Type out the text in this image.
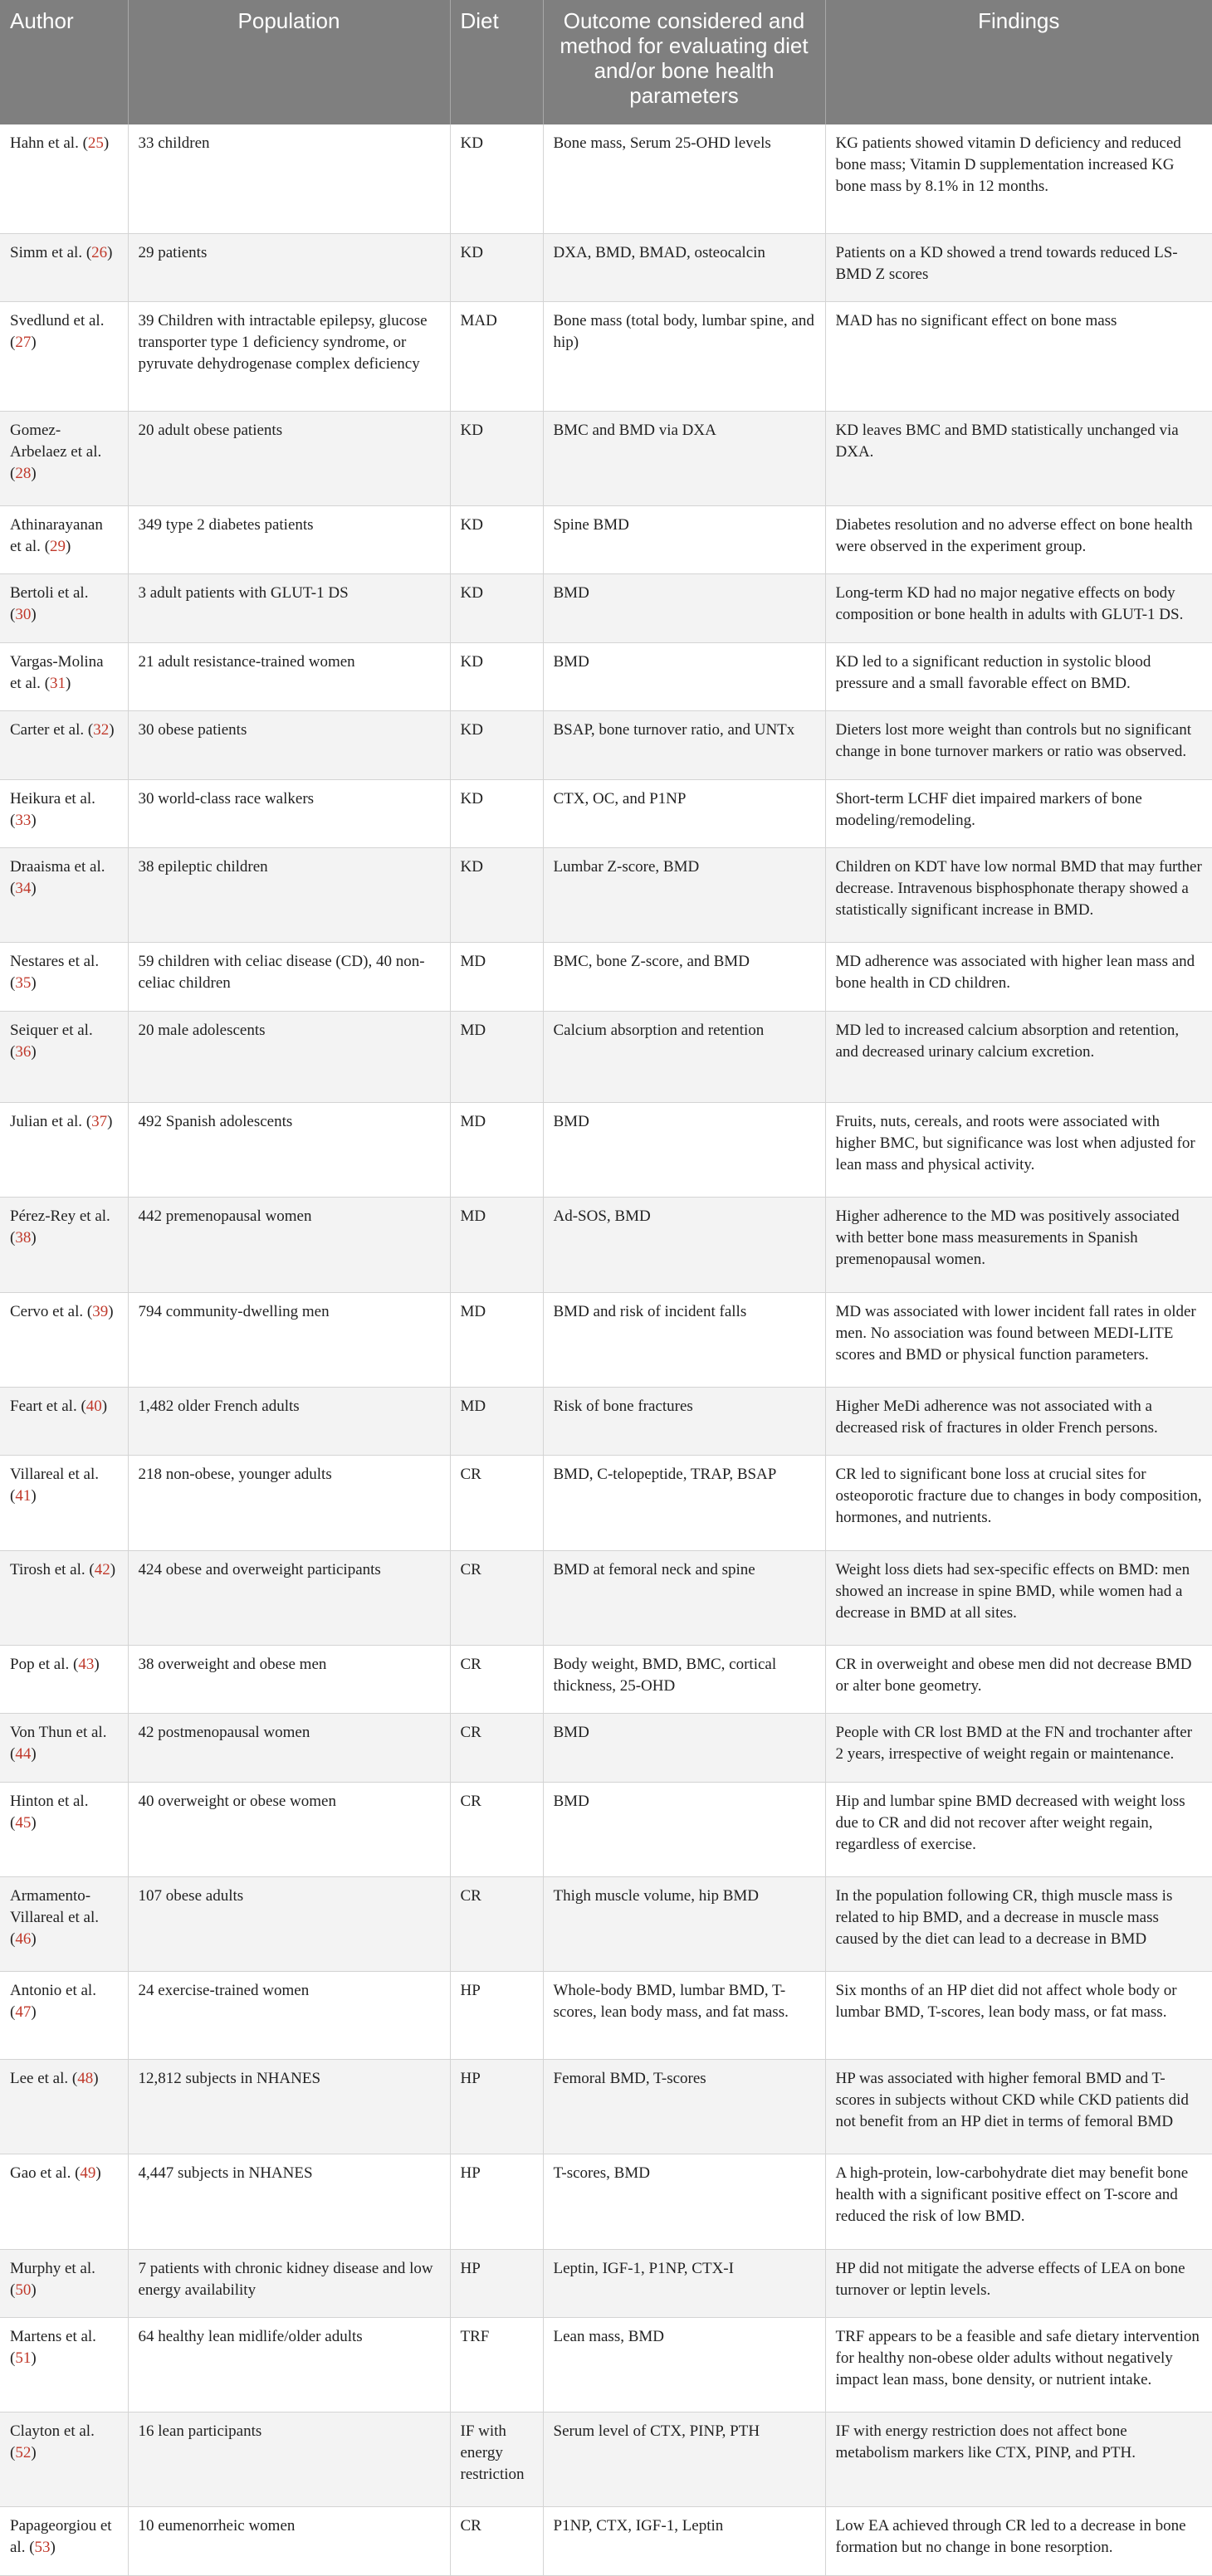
Author	Population	Diet	Outcome considered and method for evaluating diet and/or bone health parameters	Findings
Hahn et al. (25)	33 children	KD	Bone mass, Serum 25-OHD levels	KG patients showed vitamin D deficiency and reduced bone mass; Vitamin D supplementation increased KG bone mass by 8.1% in 12 months.
Simm et al. (26)	29 patients	KD	DXA, BMD, BMAD, osteocalcin	Patients on a KD showed a trend towards reduced LS-BMD Z scores
Svedlund et al. (27)	39 Children with intractable epilepsy, glucose transporter type 1 deficiency syndrome, or pyruvate dehydrogenase complex deficiency	MAD	Bone mass (total body, lumbar spine, and hip)	MAD has no significant effect on bone mass
Gomez-Arbelaez et al. (28)	20 adult obese patients	KD	BMC and BMD via DXA	KD leaves BMC and BMD statistically unchanged via DXA.
Athinarayanan et al. (29)	349 type 2 diabetes patients	KD	Spine BMD	Diabetes resolution and no adverse effect on bone health were observed in the experiment group.
Bertoli et al. (30)	3 adult patients with GLUT-1 DS	KD	BMD	Long-term KD had no major negative effects on body composition or bone health in adults with GLUT-1 DS.
Vargas-Molina et al. (31)	21 adult resistance-trained women	KD	BMD	KD led to a significant reduction in systolic blood pressure and a small favorable effect on BMD.
Carter et al. (32)	30 obese patients	KD	BSAP, bone turnover ratio, and UNTx	Dieters lost more weight than controls but no significant change in bone turnover markers or ratio was observed.
Heikura et al. (33)	30 world-class race walkers	KD	CTX, OC, and P1NP	Short-term LCHF diet impaired markers of bone modeling/remodeling.
Draaisma et al. (34)	38 epileptic children	KD	Lumbar Z-score, BMD	Children on KDT have low normal BMD that may further decrease. Intravenous bisphosphonate therapy showed a statistically significant increase in BMD.
Nestares et al. (35)	59 children with celiac disease (CD), 40 non-celiac children	MD	BMC, bone Z-score, and BMD	MD adherence was associated with higher lean mass and bone health in CD children.
Seiquer et al. (36)	20 male adolescents	MD	Calcium absorption and retention	MD led to increased calcium absorption and retention, and decreased urinary calcium excretion.
Julian et al. (37)	492 Spanish adolescents	MD	BMD	Fruits, nuts, cereals, and roots were associated with higher BMC, but significance was lost when adjusted for lean mass and physical activity.
Pérez-Rey et al. (38)	442 premenopausal women	MD	Ad-SOS, BMD	Higher adherence to the MD was positively associated with better bone mass measurements in Spanish premenopausal women.
Cervo et al. (39)	794 community-dwelling men	MD	BMD and risk of incident falls	MD was associated with lower incident fall rates in older men. No association was found between MEDI-LITE scores and BMD or physical function parameters.
Feart et al. (40)	1,482 older French adults	MD	Risk of bone fractures	Higher MeDi adherence was not associated with a decreased risk of fractures in older French persons.
Villareal et al. (41)	218 non-obese, younger adults	CR	BMD, C-telopeptide, TRAP, BSAP	CR led to significant bone loss at crucial sites for osteoporotic fracture due to changes in body composition, hormones, and nutrients.
Tirosh et al. (42)	424 obese and overweight participants	CR	BMD at femoral neck and spine	Weight loss diets had sex-specific effects on BMD: men showed an increase in spine BMD, while women had a decrease in BMD at all sites.
Pop et al. (43)	38 overweight and obese men	CR	Body weight, BMD, BMC, cortical thickness, 25-OHD	CR in overweight and obese men did not decrease BMD or alter bone geometry.
Von Thun et al. (44)	42 postmenopausal women	CR	BMD	People with CR lost BMD at the FN and trochanter after 2 years, irrespective of weight regain or maintenance.
Hinton et al. (45)	40 overweight or obese women	CR	BMD	Hip and lumbar spine BMD decreased with weight loss due to CR and did not recover after weight regain, regardless of exercise.
Armamento-Villareal et al. (46)	107 obese adults	CR	Thigh muscle volume, hip BMD	In the population following CR, thigh muscle mass is related to hip BMD, and a decrease in muscle mass caused by the diet can lead to a decrease in BMD
Antonio et al. (47)	24 exercise-trained women	HP	Whole-body BMD, lumbar BMD, T-scores, lean body mass, and fat mass.	Six months of an HP diet did not affect whole body or lumbar BMD, T-scores, lean body mass, or fat mass.
Lee et al. (48)	12,812 subjects in NHANES	HP	Femoral BMD, T-scores	HP was associated with higher femoral BMD and T-scores in subjects without CKD while CKD patients did not benefit from an HP diet in terms of femoral BMD
Gao et al. (49)	4,447 subjects in NHANES	HP	T-scores, BMD	A high-protein, low-carbohydrate diet may benefit bone health with a significant positive effect on T-score and reduced the risk of low BMD.
Murphy et al. (50)	7 patients with chronic kidney disease and low energy availability	HP	Leptin, IGF-1, P1NP, CTX-I	HP did not mitigate the adverse effects of LEA on bone turnover or leptin levels.
Martens et al. (51)	64 healthy lean midlife/older adults	TRF	Lean mass, BMD	TRF appears to be a feasible and safe dietary intervention for healthy non-obese older adults without negatively impact lean mass, bone density, or nutrient intake.
Clayton et al. (52)	16 lean participants	IF with energy restriction	Serum level of CTX, PINP, PTH	IF with energy restriction does not affect bone metabolism markers like CTX, PINP, and PTH.
Papageorgiou et al. (53)	10 eumenorrheic women	CR	P1NP, CTX, IGF-1, Leptin	Low EA achieved through CR led to a decrease in bone formation but no change in bone resorption.
